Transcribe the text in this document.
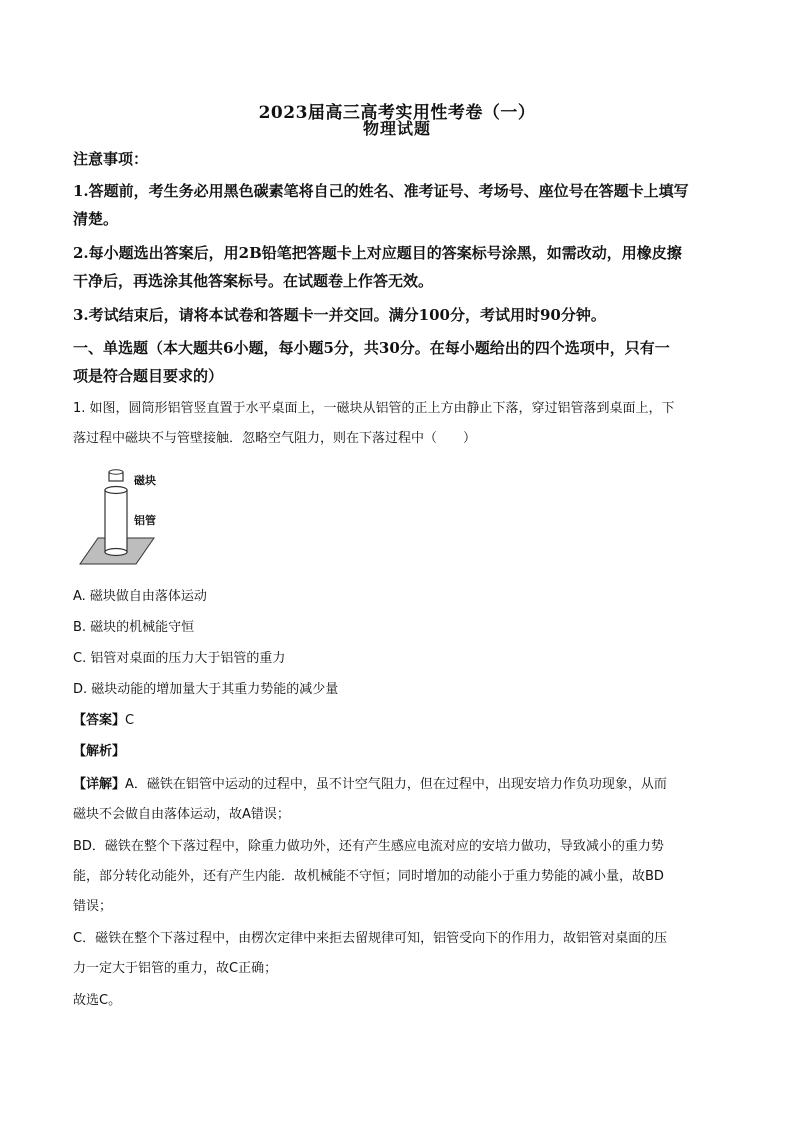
2023届高三高考实用性考卷（一）
物理试题
注意事项：
1.答题前，考生务必用黑色碳素笔将自己的姓名、准考证号、考场号、座位号在答题卡上填写
清楚。
2.每小题选出答案后，用2B铅笔把答题卡上对应题目的答案标号涂黑，如需改动，用橡皮擦
干净后，再选涂其他答案标号。在试题卷上作答无效。
3.考试结束后，请将本试卷和答题卡一并交回。满分100分，考试用时90分钟。
一、单选题（本大题共6小题，每小题5分，共30分。在每小题给出的四个选项中，只有一
项是符合题目要求的）
1. 如图，圆筒形铝管竖直置于水平桌面上，一磁块从铝管的正上方由静止下落，穿过铝管落到桌面上，下
落过程中磁块不与管壁接触．忽略空气阻力，则在下落过程中（　　）
磁块
铝管
A. 磁块做自由落体运动
B. 磁块的机械能守恒
C. 铝管对桌面的压力大于铝管的重力
D. 磁块动能的增加量大于其重力势能的减少量
【答案】C
【解析】
【详解】A．磁铁在铝管中运动的过程中，虽不计空气阻力，但在过程中，出现安培力作负功现象，从而
磁块不会做自由落体运动，故A错误；
BD．磁铁在整个下落过程中，除重力做功外，还有产生感应电流对应的安培力做功，导致减小的重力势
能，部分转化动能外，还有产生内能．故机械能不守恒；同时增加的动能小于重力势能的减小量，故BD
错误；
C．磁铁在整个下落过程中，由楞次定律中来拒去留规律可知，铝管受向下的作用力，故铝管对桌面的压
力一定大于铝管的重力，故C正确；
故选C。
